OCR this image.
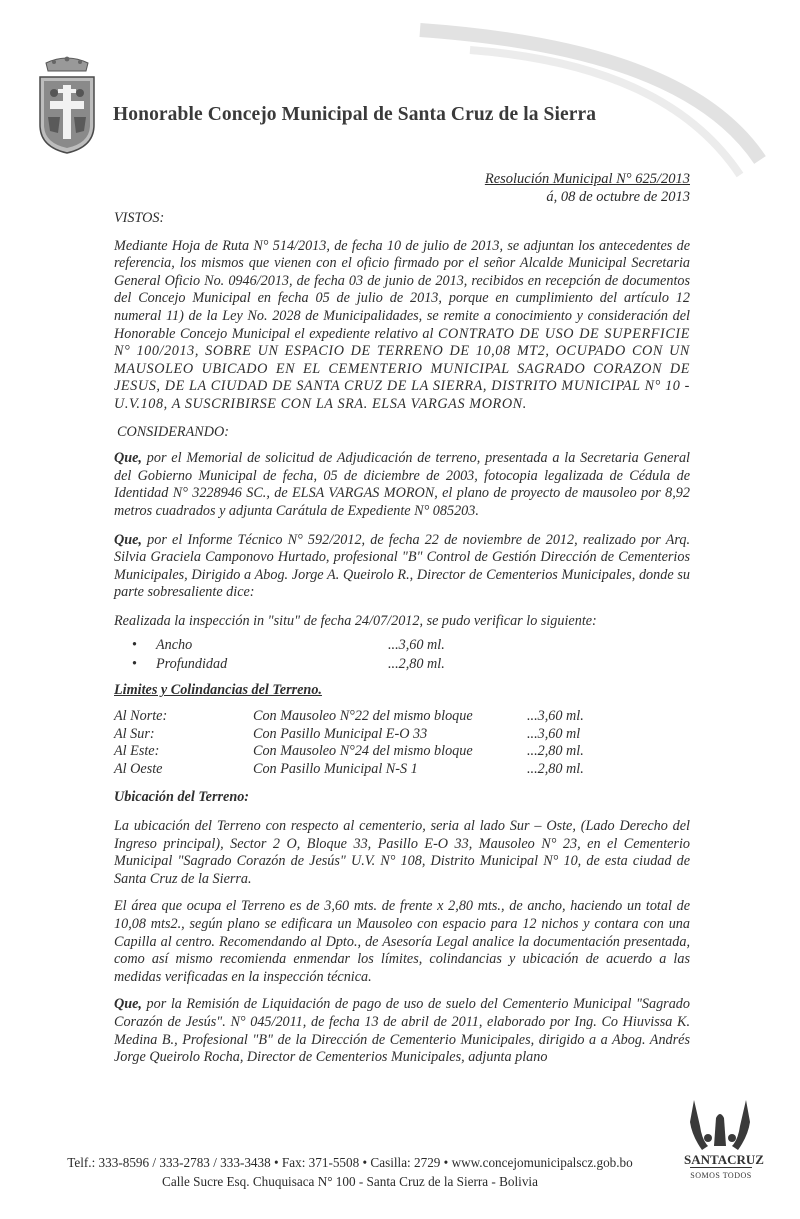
Honorable Concejo Municipal de Santa Cruz de la Sierra
Resolución Municipal N° 625/2013
á, 08 de octubre de 2013

VISTOS:

Mediante Hoja de Ruta N° 514/2013, de fecha 10 de julio de 2013, se adjuntan los antecedentes de referencia, los mismos que vienen con el oficio firmado por el señor Alcalde Municipal Secretaria General Oficio No. 0946/2013, de fecha 03 de junio de 2013, recibidos en recepción de documentos del Concejo Municipal en fecha 05 de julio de 2013, porque en cumplimiento del artículo 12 numeral 11) de la Ley No. 2028 de Municipalidades, se remite a conocimiento y consideración del Honorable Concejo Municipal el expediente relativo al CONTRATO DE USO DE SUPERFICIE N° 100/2013, SOBRE UN ESPACIO DE TERRENO DE 10,08 MT2, OCUPADO CON UN MAUSOLEO UBICADO EN EL CEMENTERIO MUNICIPAL SAGRADO CORAZON DE JESUS, DE LA CIUDAD DE SANTA CRUZ DE LA SIERRA, DISTRITO MUNICIPAL N° 10 - U.V.108, A SUSCRIBIRSE CON LA SRA. ELSA VARGAS MORON.

CONSIDERANDO:

Que, por el Memorial de solicitud de Adjudicación de terreno, presentada a la Secretaria General del Gobierno Municipal de fecha, 05 de diciembre de 2003, fotocopia legalizada de Cédula de Identidad N° 3228946 SC., de ELSA VARGAS MORON, el plano de proyecto de mausoleo por 8,92 metros cuadrados y adjunta Carátula de Expediente N° 085203.

Que, por el Informe Técnico N° 592/2012, de fecha 22 de noviembre de 2012, realizado por Arq. Silvia Graciela Camponovo Hurtado, profesional "B" Control de Gestión Dirección de Cementerios Municipales, Dirigido a Abog. Jorge A. Queirolo R., Director de Cementerios Municipales, donde su parte sobresaliente dice:

Realizada la inspección in "situ" de fecha 24/07/2012, se pudo verificar lo siguiente:

•	Ancho	...3,60 ml.
•	Profundidad	...2,80 ml.

Limites y Colindancias del Terreno.

Al Norte:	Con Mausoleo N°22 del mismo bloque	...3,60 ml.
Al Sur:	Con Pasillo Municipal E-O 33	...3,60 ml
Al Este:	Con Mausoleo N°24 del mismo bloque	...2,80 ml.
Al Oeste	Con Pasillo Municipal N-S 1	...2,80 ml.

Ubicación del Terreno:

La ubicación del Terreno con respecto al cementerio, seria al lado Sur – Oste, (Lado Derecho del Ingreso principal), Sector 2 O, Bloque 33, Pasillo E-O 33, Mausoleo N° 23, en el Cementerio Municipal "Sagrado Corazón de Jesús" U.V. N° 108, Distrito Municipal N° 10, de esta ciudad de Santa Cruz de la Sierra.

El área que ocupa el Terreno es de 3,60 mts. de frente x 2,80 mts., de ancho, haciendo un total de 10,08 mts2., según plano se edificara un Mausoleo con espacio para 12 nichos y contara con una Capilla al centro. Recomendando al Dpto., de Asesoría Legal analice la documentación presentada, como así mismo recomienda enmendar los límites, colindancias y ubicación de acuerdo a las medidas verificadas en la inspección técnica.

Que, por la Remisión de Liquidación de pago de uso de suelo del Cementerio Municipal "Sagrado Corazón de Jesús". N° 045/2011, de fecha 13 de abril de 2011, elaborado por Ing. Co Hiuvissa K. Medina B., Profesional "B" de la Dirección de Cementerio Municipales, dirigido a a Abog. Andrés Jorge Queirolo Rocha, Director de Cementerios Municipales, adjunta plano

SANTACRUZ
SOMOS TODOS
Telf.: 333-8596 / 333-2783 / 333-3438 • Fax: 371-5508 • Casilla: 2729 • www.concejomunicipalscz.gob.bo
Calle Sucre Esq. Chuquisaca N° 100 - Santa Cruz de la Sierra - Bolivia
